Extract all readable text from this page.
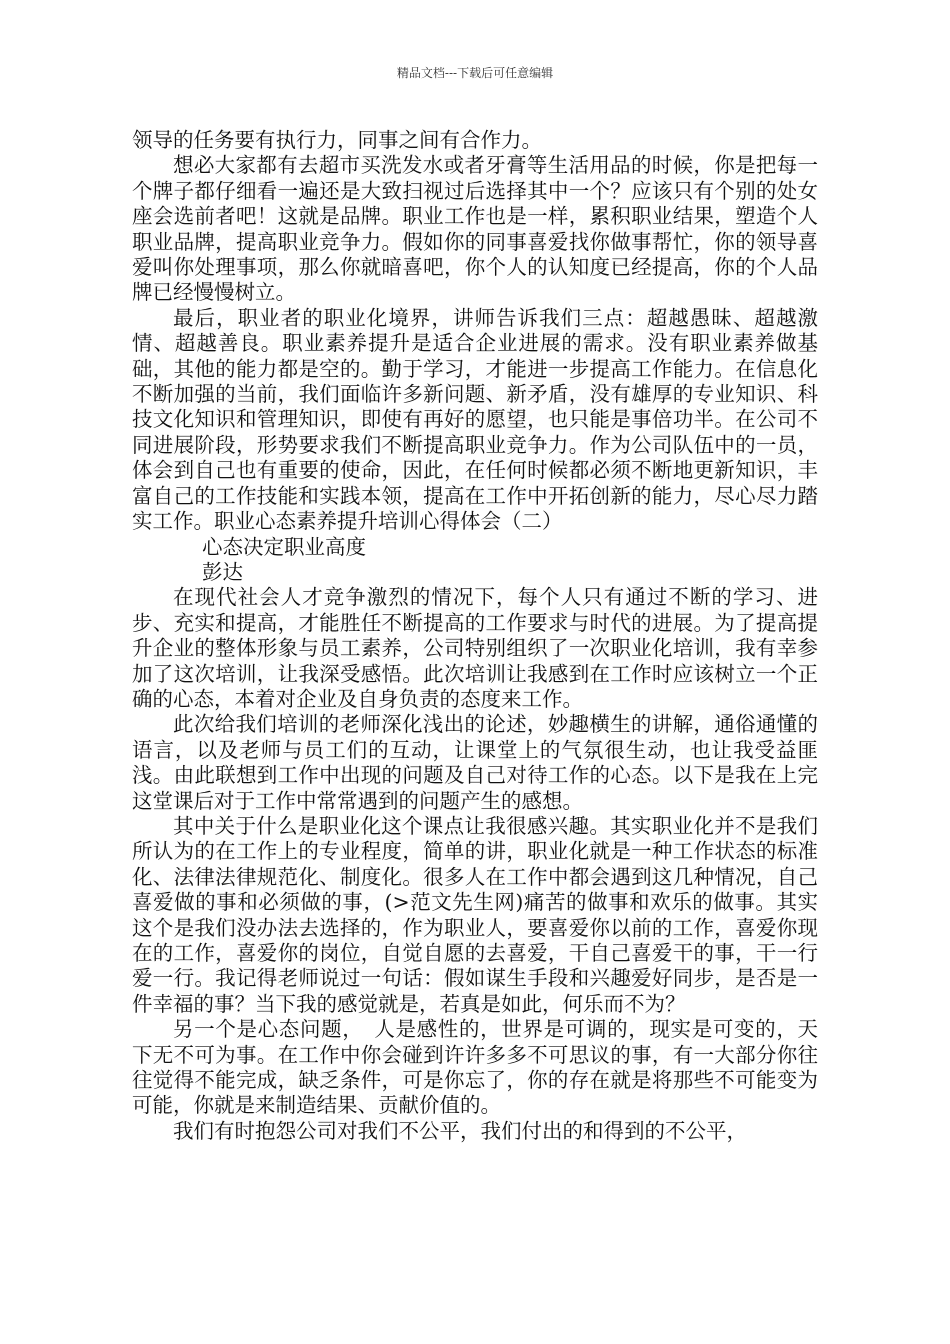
精品文档---下载后可任意编辑

领导的任务要有执行力，同事之间有合作力。

想必大家都有去超市买洗发水或者牙膏等生活用品的时候，你是把每一个牌子都仔细看一遍还是大致扫视过后选择其中一个？应该只有个别的处女座会选前者吧！这就是品牌。职业工作也是一样，累积职业结果，塑造个人职业品牌，提高职业竞争力。假如你的同事喜爱找你做事帮忙，你的领导喜爱叫你处理事项，那么你就暗喜吧，你个人的认知度已经提高，你的个人品牌已经慢慢树立。

最后，职业者的职业化境界，讲师告诉我们三点：超越愚昧、超越激情、超越善良。职业素养提升是适合企业进展的需求。没有职业素养做基础，其他的能力都是空的。勤于学习，才能进一步提高工作能力。在信息化不断加强的当前，我们面临许多新问题、新矛盾，没有雄厚的专业知识、科技文化知识和管理知识，即使有再好的愿望，也只能是事倍功半。在公司不同进展阶段，形势要求我们不断提高职业竞争力。作为公司队伍中的一员，体会到自己也有重要的使命，因此，在任何时候都必须不断地更新知识，丰富自己的工作技能和实践本领，提高在工作中开拓创新的能力，尽心尽力踏实工作。职业心态素养提升培训心得体会（二）

心态决定职业高度

彭达

在现代社会人才竞争激烈的情况下，每个人只有通过不断的学习、进步、充实和提高，才能胜任不断提高的工作要求与时代的进展。为了提高提升企业的整体形象与员工素养，公司特别组织了一次职业化培训，我有幸参加了这次培训，让我深受感悟。此次培训让我感到在工作时应该树立一个正确的心态，本着对企业及自身负责的态度来工作。

此次给我们培训的老师深化浅出的论述，妙趣横生的讲解，通俗通懂的语言，以及老师与员工们的互动，让课堂上的气氛很生动，也让我受益匪浅。由此联想到工作中出现的问题及自己对待工作的心态。以下是我在上完这堂课后对于工作中常常遇到的问题产生的感想。

其中关于什么是职业化这个课点让我很感兴趣。其实职业化并不是我们所认为的在工作上的专业程度，简单的讲，职业化就是一种工作状态的标准化、法律法律规范化、制度化。很多人在工作中都会遇到这几种情况，自己喜爱做的事和必须做的事，(>范文先生网)痛苦的做事和欢乐的做事。其实这个是我们没办法去选择的，作为职业人，要喜爱你以前的工作，喜爱你现在的工作，喜爱你的岗位，自觉自愿的去喜爱，干自己喜爱干的事，干一行爱一行。我记得老师说过一句话：假如谋生手段和兴趣爱好同步，是否是一件幸福的事？当下我的感觉就是，若真是如此，何乐而不为？

另一个是心态问题，　人是感性的，世界是可调的，现实是可变的，天下无不可为事。在工作中你会碰到许许多多不可思议的事，有一大部分你往往觉得不能完成，缺乏条件，可是你忘了，你的存在就是将那些不可能变为可能，你就是来制造结果、贡献价值的。

我们有时抱怨公司对我们不公平，我们付出的和得到的不公平，
